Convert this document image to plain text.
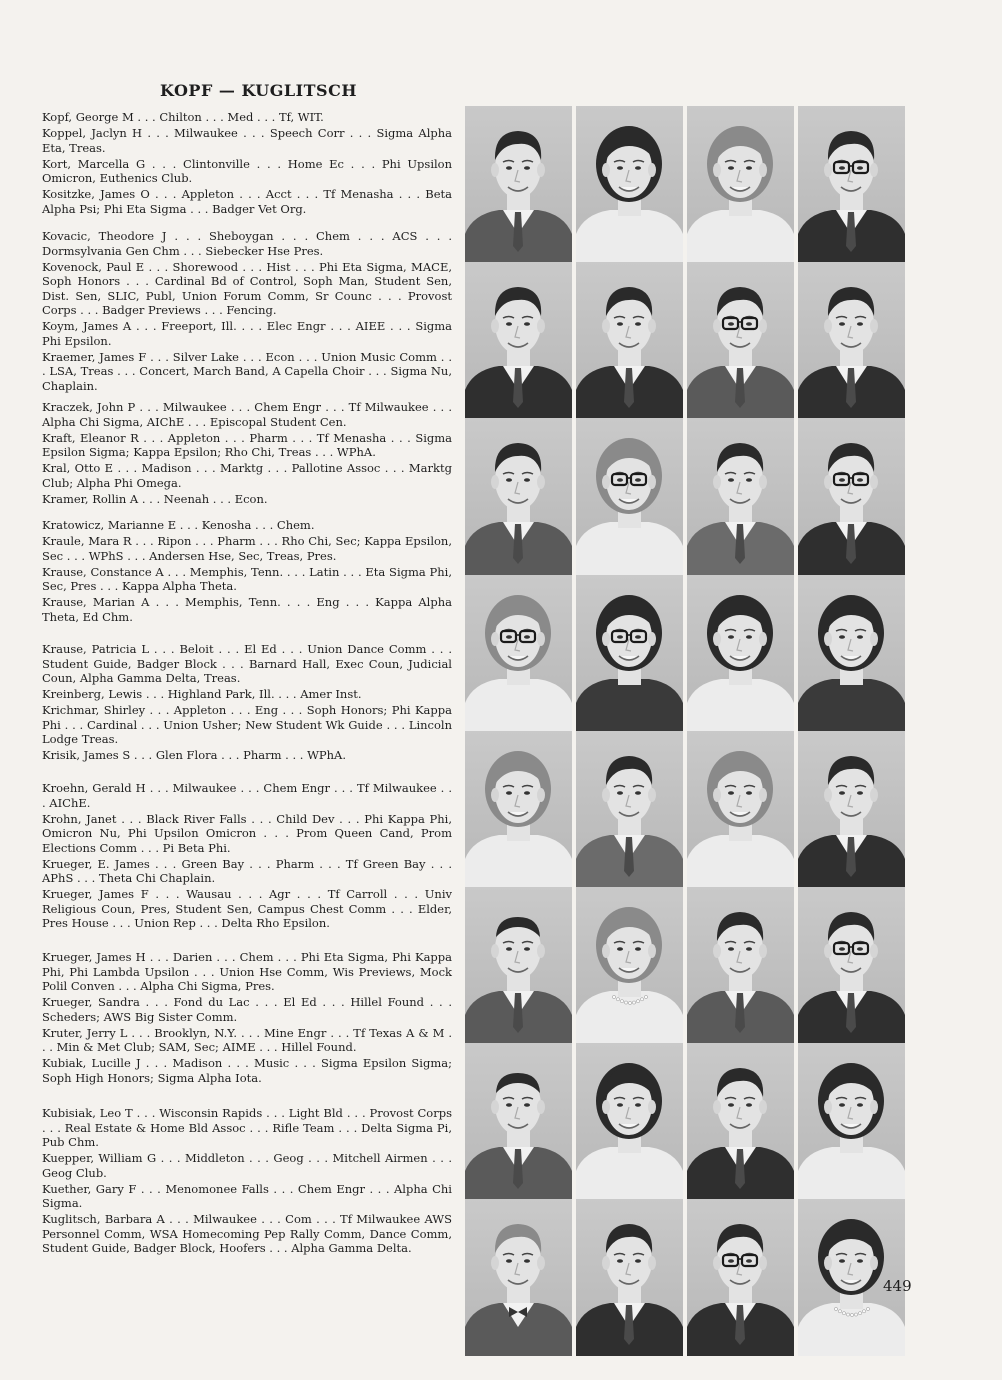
KOPF — KUGLITSCH
Kopf, George M . . . Chilton . . . Med . . . Tf, WIT.
Koppel, Jaclyn H . . . Milwaukee . . . Speech Corr . . . Sigma Alpha Eta, Treas.
Kort, Marcella G . . . Clintonville . . . Home Ec . . . Phi Upsilon Omicron, Euthenics Club.
Kositzke, James O . . . Appleton . . . Acct . . . Tf Menasha . . . Beta Alpha Psi; Phi Eta Sigma . . . Badger Vet Org.
Kovacic, Theodore J . . . Sheboygan . . . Chem . . . ACS . . . Dormsylvania Gen Chm . . . Siebecker Hse Pres.
Kovenock, Paul E . . . Shorewood . . . Hist . . . Phi Eta Sigma, MACE, Soph Honors . . . Cardinal Bd of Control, Soph Man, Student Sen, Dist. Sen, SLIC, Publ, Union Forum Comm, Sr Counc . . . Provost Corps . . . Badger Previews . . . Fencing.
Koym, James A . . . Freeport, Ill. . . . Elec Engr . . . AIEE . . . Sigma Phi Epsilon.
Kraemer, James F . . . Silver Lake . . . Econ . . . Union Music Comm . . . LSA, Treas . . . Concert, March Band, A Capella Choir . . . Sigma Nu, Chaplain.
Kraczek, John P . . . Milwaukee . . . Chem Engr . . . Tf Milwaukee . . . Alpha Chi Sigma, AIChE . . . Episcopal Student Cen.
Kraft, Eleanor R . . . Appleton . . . Pharm . . . Tf Menasha . . . Sigma Epsilon Sigma; Kappa Epsilon; Rho Chi, Treas . . . WPhA.
Kral, Otto E . . . Madison . . . Marktg . . . Pallotine Assoc . . . Marktg Club; Alpha Phi Omega.
Kramer, Rollin A . . . Neenah . . . Econ.
Kratowicz, Marianne E . . . Kenosha . . . Chem.
Kraule, Mara R . . . Ripon . . . Pharm . . . Rho Chi, Sec; Kappa Epsilon, Sec . . . WPhS . . . Andersen Hse, Sec, Treas, Pres.
Krause, Constance A . . . Memphis, Tenn. . . . Latin . . . Eta Sigma Phi, Sec, Pres . . . Kappa Alpha Theta.
Krause, Marian A . . . Memphis, Tenn. . . . Eng . . . Kappa Alpha Theta, Ed Chm.
Krause, Patricia L . . . Beloit . . . El Ed . . . Union Dance Comm . . . Student Guide, Badger Block . . . Barnard Hall, Exec Coun, Judicial Coun, Alpha Gamma Delta, Treas.
Kreinberg, Lewis . . . Highland Park, Ill. . . . Amer Inst.
Krichmar, Shirley . . . Appleton . . . Eng . . . Soph Honors; Phi Kappa Phi . . . Cardinal . . . Union Usher; New Student Wk Guide . . . Lincoln Lodge Treas.
Krisik, James S . . . Glen Flora . . . Pharm . . . WPhA.
Kroehn, Gerald H . . . Milwaukee . . . Chem Engr . . . Tf Milwaukee . . . AIChE.
Krohn, Janet . . . Black River Falls . . . Child Dev . . . Phi Kappa Phi, Omicron Nu, Phi Upsilon Omicron . . . Prom Queen Cand, Prom Elections Comm . . . Pi Beta Phi.
Krueger, E. James . . . Green Bay . . . Pharm . . . Tf Green Bay . . . APhS . . . Theta Chi Chaplain.
Krueger, James F . . . Wausau . . . Agr . . . Tf Carroll . . . Univ Religious Coun, Pres, Student Sen, Campus Chest Comm . . . Elder, Pres House . . . Union Rep . . . Delta Rho Epsilon.
Krueger, James H . . . Darien . . . Chem . . . Phi Eta Sigma, Phi Kappa Phi, Phi Lambda Upsilon . . . Union Hse Comm, Wis Previews, Mock Polil Conven . . . Alpha Chi Sigma, Pres.
Krueger, Sandra . . . Fond du Lac . . . El Ed . . . Hillel Found . . . Scheders; AWS Big Sister Comm.
Kruter, Jerry L . . . Brooklyn, N.Y. . . . Mine Engr . . . Tf Texas A & M . . . Min & Met Club; SAM, Sec; AIME . . . Hillel Found.
Kubiak, Lucille J . . . Madison . . . Music . . . Sigma Epsilon Sigma; Soph High Honors; Sigma Alpha Iota.
Kubisiak, Leo T . . . Wisconsin Rapids . . . Light Bld . . . Provost Corps . . . Real Estate & Home Bld Assoc . . . Rifle Team . . . Delta Sigma Pi, Pub Chm.
Kuepper, William G . . . Middleton . . . Geog . . . Mitchell Airmen . . . Geog Club.
Kuether, Gary F . . . Menomonee Falls . . . Chem Engr . . . Alpha Chi Sigma.
Kuglitsch, Barbara A . . . Milwaukee . . . Com . . . Tf Milwaukee AWS Personnel Comm, WSA Homecoming Pep Rally Comm, Dance Comm, Student Guide, Badger Block, Hoofers . . . Alpha Gamma Delta.
449
